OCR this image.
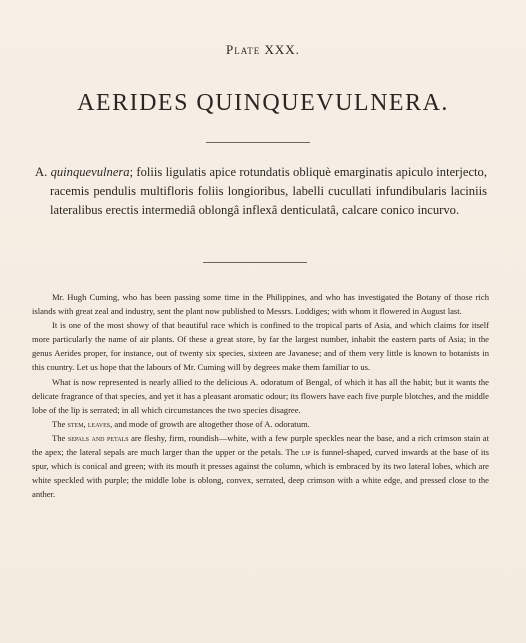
Plate XXX.
AERIDES QUINQUEVULNERA.
A. quinquevulnera; foliis ligulatis apice rotundatis obliquè emarginatis apiculo interjecto, racemis pendulis multifloris foliis longioribus, labelli cucullati infundibularis laciniis lateralibus erectis intermediâ oblongâ inflexâ denticulatâ, calcare conico incurvo.

Mr. Hugh Cuming, who has been passing some time in the Philippines, and who has investigated the Botany of those rich islands with great zeal and industry, sent the plant now published to Messrs. Loddiges; with whom it flowered in August last.

It is one of the most showy of that beautiful race which is confined to the tropical parts of Asia, and which claims for itself more particularly the name of air plants. Of these a great store, by far the largest number, inhabit the eastern parts of Asia; in the genus Aerides proper, for instance, out of twenty six species, sixteen are Javanese; and of them very little is known to botanists in this country. Let us hope that the labours of Mr. Cuming will by degrees make them familiar to us.

What is now represented is nearly allied to the delicious A. odoratum of Bengal, of which it has all the habit; but it wants the delicate fragrance of that species, and yet it has a pleasant aromatic odour; its flowers have each five purple blotches, and the middle lobe of the lip is serrated; in all which circumstances the two species disagree.

The stem, leaves, and mode of growth are altogether those of A. odoratum.

The sepals and petals are fleshy, firm, roundish—white, with a few purple speckles near the base, and a rich crimson stain at the apex; the lateral sepals are much larger than the upper or the petals. The lip is funnel-shaped, curved inwards at the base of its spur, which is conical and green; with its mouth it presses against the column, which is embraced by its two lateral lobes, which are white speckled with purple; the middle lobe is oblong, convex, serrated, deep crimson with a white edge, and pressed close to the anther.
